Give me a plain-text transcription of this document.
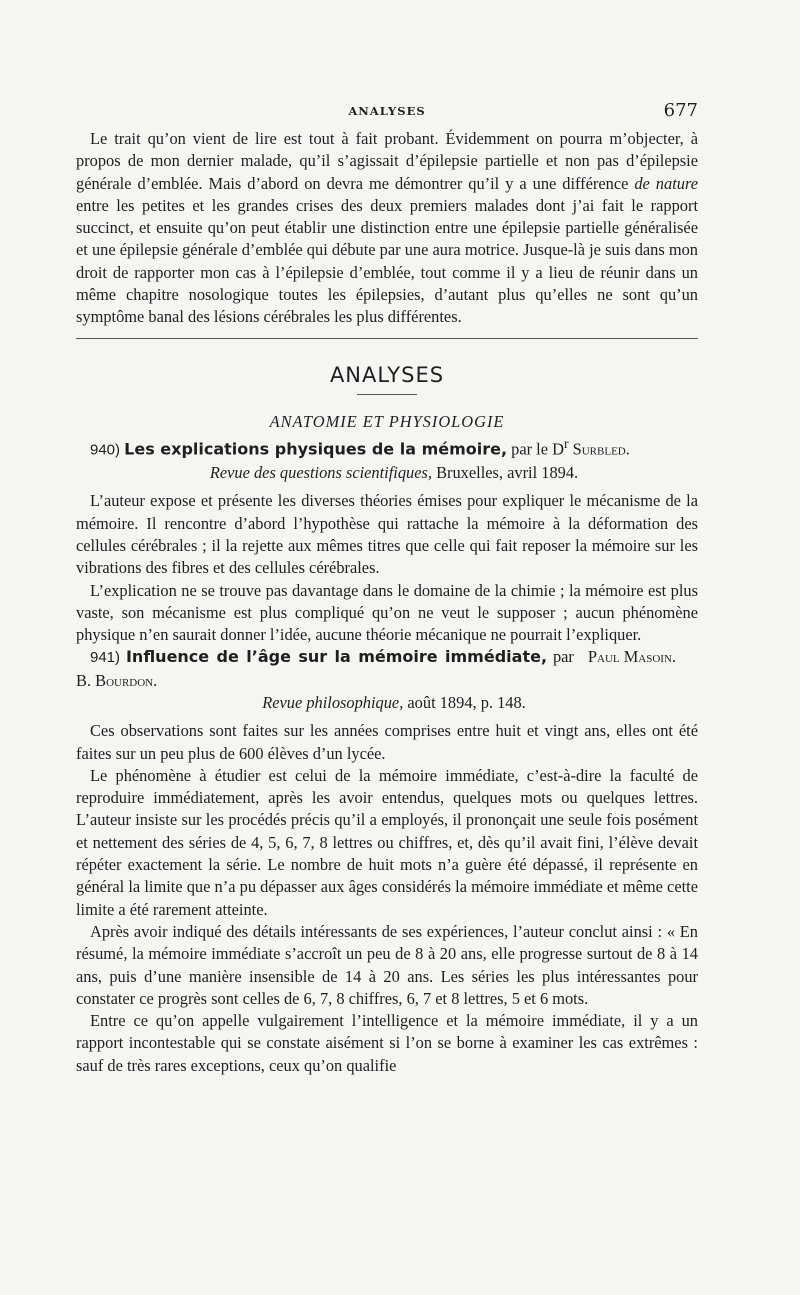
ANALYSES	677

Le trait qu’on vient de lire est tout à fait probant. Évidemment on pourra m’objecter, à propos de mon dernier malade, qu’il s’agissait d’épilepsie partielle et non pas d’épilepsie générale d’emblée. Mais d’abord on devra me démontrer qu’il y a une différence de nature entre les petites et les grandes crises des deux premiers malades dont j’ai fait le rapport succinct, et ensuite qu’on peut établir une distinction entre une épilepsie partielle généralisée et une épilepsie générale d’emblée qui débute par une aura motrice. Jusque-là je suis dans mon droit de rapporter mon cas à l’épilepsie d’emblée, tout comme il y a lieu de réunir dans un même chapitre nosologique toutes les épilepsies, d’autant plus qu’elles ne sont qu’un symptôme banal des lésions cérébrales les plus différentes.

ANALYSES
ANATOMIE ET PHYSIOLOGIE

940) Les explications physiques de la mémoire, par le $D^r$ Surbled.

Revue des questions scientifiques, Bruxelles, avril 1894.

L’auteur expose et présente les diverses théories émises pour expliquer le mécanisme de la mémoire. Il rencontre d’abord l’hypothèse qui rattache la mémoire à la déformation des cellules cérébrales ; il la rejette aux mêmes titres que celle qui fait reposer la mémoire sur les vibrations des fibres et des cellules cérébrales.

L’explication ne se trouve pas davantage dans le domaine de la chimie ; la mémoire est plus vaste, son mécanisme est plus compliqué qu’on ne veut le supposer ; aucun phénomène physique n’en saurait donner l’idée, aucune théorie mécanique ne pourrait l’expliquer.
Paul Masoin.

941) Influence de l’âge sur la mémoire immédiate, par B. Bourdon.

Revue philosophique, août 1894, p. 148.

Ces observations sont faites sur les années comprises entre huit et vingt ans, elles ont été faites sur un peu plus de 600 élèves d’un lycée.

Le phénomène à étudier est celui de la mémoire immédiate, c’est-à-dire la faculté de reproduire immédiatement, après les avoir entendus, quelques mots ou quelques lettres. L’auteur insiste sur les procédés précis qu’il a employés, il prononçait une seule fois posément et nettement des séries de 4, 5, 6, 7, 8 lettres ou chiffres, et, dès qu’il avait fini, l’élève devait répéter exactement la série. Le nombre de huit mots n’a guère été dépassé, il représente en général la limite que n’a pu dépasser aux âges considérés la mémoire immédiate et même cette limite a été rarement atteinte.

Après avoir indiqué des détails intéressants de ses expériences, l’auteur conclut ainsi : « En résumé, la mémoire immédiate s’accroît un peu de 8 à 20 ans, elle progresse surtout de 8 à 14 ans, puis d’une manière insensible de 14 à 20 ans. Les séries les plus intéressantes pour constater ce progrès sont celles de 6, 7, 8 chiffres, 6, 7 et 8 lettres, 5 et 6 mots.

Entre ce qu’on appelle vulgairement l’intelligence et la mémoire immédiate, il y a un rapport incontestable qui se constate aisément si l’on se borne à examiner les cas extrêmes : sauf de très rares exceptions, ceux qu’on qualifie
